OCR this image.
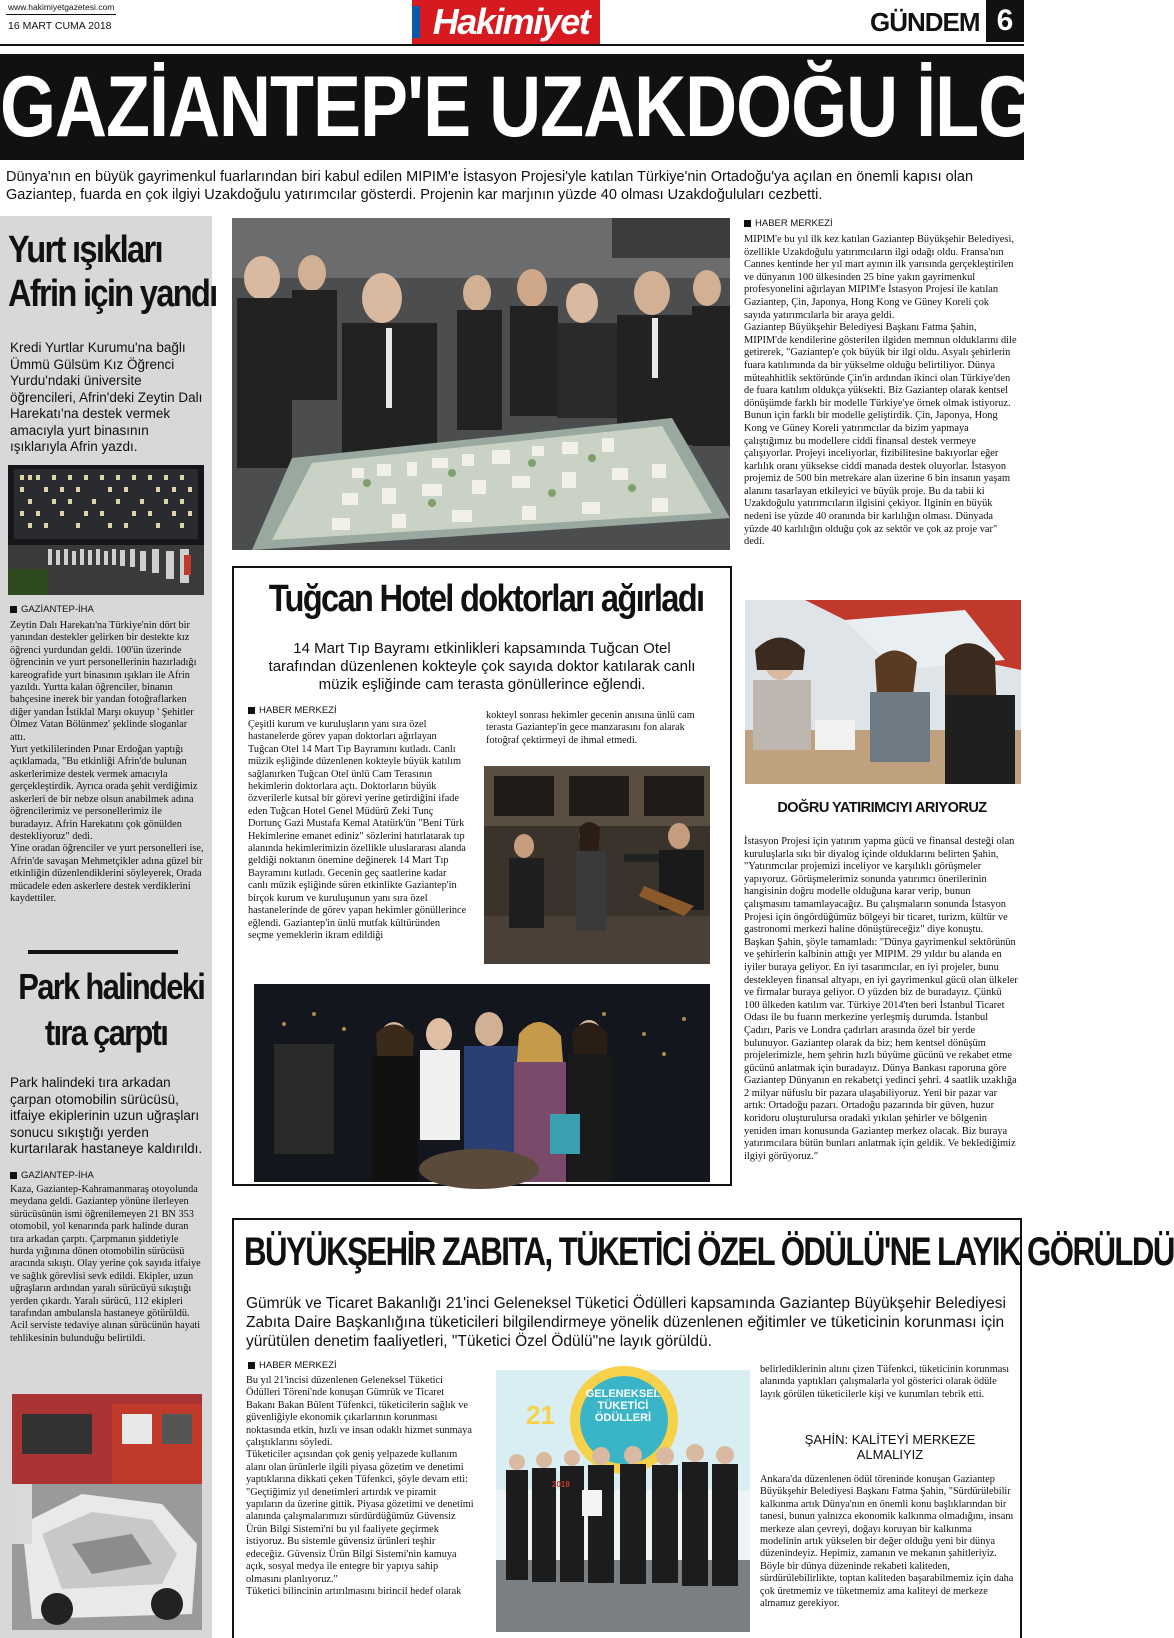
www.hakimiyetgazetesi.com
16 MART CUMA 2018	Hakimiyet	GÜNDEM 6
GAZİANTEP'E UZAKDOĞU İLGİSİ
Dünya'nın en büyük gayrimenkul fuarlarından biri kabul edilen MIPIM'e İstasyon Projesi'yle katılan Türkiye'nin Ortadoğu'ya açılan en önemli kapısı olan Gaziantep, fuarda en çok ilgiyi Uzakdoğulu yatırımcılar gösterdi. Projenin kar marjının yüzde 40 olması Uzakdoğuluları cezbetti.
Yurt ışıkları
Afrin için yandı
Kredi Yurtlar Kurumu'na bağlı Ümmü Gülsüm Kız Öğrenci Yurdu'ndaki üniversite öğrencileri, Afrin'deki Zeytin Dalı Harekatı'na destek vermek amacıyla yurt binasının ışıklarıyla Afrin yazdı.
GAZİANTEP-İHA
Zeytin Dalı Harekatı'na Türkiye'nin dört bir yanından destekler gelirken bir destekte kız öğrenci yurdundan geldi. 100'ün üzerinde öğrencinin ve yurt personellerinin hazırladığı kareografide yurt binasının ışıkları ile Afrin yazıldı. Yurtta kalan öğrenciler, binanın bahçesine inerek bir yandan fotoğraflarken diğer yandan İstiklal Marşı okuyup ' Şehitler Ölmez Vatan Bölünmez' şeklinde sloganlar attı.
Yurt yetkililerinden Pınar Erdoğan yaptığı açıklamada, "Bu etkinliği Afrin'de bulunan askerlerimize destek vermek amacıyla gerçekleştirdik. Ayrıca orada şehit verdiğimiz askerleri de bir nebze olsun anabilmek adına öğrencilerimiz ve personellerimiz ile buradayız. Afrin Harekatını çok gönülden destekliyoruz" dedi.
Yine oradan öğrenciler ve yurt personelleri ise, Afrin'de savaşan Mehmetçikler adına güzel bir etkinliğin düzenlendiklerini söyleyerek, Orada mücadele eden askerlere destek verdiklerini kaydettiler.
Park halindeki
tıra çarptı
Park halindeki tıra arkadan çarpan otomobilin sürücüsü, itfaiye ekiplerinin uzun uğraşları sonucu sıkıştığı yerden kurtarılarak hastaneye kaldırıldı.
GAZİANTEP-İHA
Kaza, Gaziantep-Kahramanmaraş otoyolunda meydana geldi. Gaziantep yönüne ilerleyen sürücüsünün ismi öğrenilemeyen 21 BN 353 otomobil, yol kenarında park halinde duran tıra arkadan çarptı. Çarpmanın şiddetiyle hurda yığınına dönen otomobilin sürücüsü aracında sıkıştı. Olay yerine çok sayıda itfaiye ve sağlık görevlisi sevk edildi. Ekipler, uzun uğraşların ardından yaralı sürücüyü sıkıştığı yerden çıkardı. Yaralı sürücü, 112 ekipleri tarafından ambulansla hastaneye götürüldü. Acil serviste tedaviye alınan sürücünün hayati tehlikesinin bulunduğu belirtildi.
HABER MERKEZİ
MIPIM'e bu yıl ilk kez katılan Gaziantep Büyükşehir Belediyesi, özellikle Uzakdoğulu yatırımcıların ilgi odağı oldu. Fransa'nın Cannes kentinde her yıl mart ayının ilk yarısında gerçekleştirilen ve dünyanın 100 ülkesinden 25 bine yakın gayrimenkul profesyonelini ağırlayan MIPIM'e İstasyon Projesi ile katılan Gaziantep, Çin, Japonya, Hong Kong ve Güney Koreli çok sayıda yatırımcılarla bir araya geldi.
Gaziantep Büyükşehir Belediyesi Başkanı Fatma Şahin, MIPIM'de kendilerine gösterilen ilgiden memnun olduklarını dile getirerek, "Gaziantep'e çok büyük bir ilgi oldu. Asyalı şehirlerin fuara katılımında da bir yükselme olduğu belirtiliyor. Dünya müteahhitlik sektöründe Çin'in ardından ikinci olan Türkiye'den de fuara katılım oldukça yüksekti. Biz Gaziantep olarak kentsel dönüşümde farklı bir modelle Türkiye'ye örnek olmak istiyoruz. Bunun için farklı bir modelle geliştirdik. Çin, Japonya, Hong Kong ve Güney Koreli yatırımcılar da bizim yapmaya çalıştığımız bu modellere ciddi finansal destek vermeye çalışıyorlar. Projeyi inceliyorlar, fizibilitesine bakıyorlar eğer karlılık oranı yüksekse ciddi manada destek oluyorlar. İstasyon projemiz de 500 bin metrekare alan üzerine 6 bin insanın yaşam alanını tasarlayan etkileyici ve büyük proje. Bu da tabii ki Uzakdoğulu yatırımcıların ilgisini çekiyor. İlginin en büyük nedeni ise yüzde 40 oranında bir karlılığın olması. Dünyada yüzde 40 karlılığın olduğu çok az sektör ve çok az proje var" dedi.
DOĞRU YATIRIMCIYI ARIYORUZ
İstasyon Projesi için yatırım yapma gücü ve finansal desteği olan kuruluşlarla sıkı bir diyalog içinde olduklarını belirten Şahin, "Yatırımcılar projemizi inceliyor ve karşılıklı görüşmeler yapıyoruz. Görüşmelerimiz sonunda yatırımcı önerilerinin hangisinin doğru modelle olduğuna karar verip, bunun çalışmasını tamamlayacağız. Bu çalışmaların sonunda İstasyon Projesi için öngördüğümüz bölgeyi bir ticaret, turizm, kültür ve gastronomi merkezi haline dönüştüreceğiz" diye konuştu.
Başkan Şahin, şöyle tamamladı: "Dünya gayrimenkul sektörünün ve şehirlerin kalbinin attığı yer MIPIM. 29 yıldır bu alanda en iyiler buraya geliyor. En iyi tasarımcılar, en iyi projeler, bunu destekleyen finansal altyapı, en iyi gayrimenkul gücü olan ülkeler ve firmalar buraya geliyor. O yüzden biz de buradayız. Çünkü 100 ülkeden katılım var. Türkiye 2014'ten beri İstanbul Ticaret Odası ile bu fuarın merkezine yerleşmiş durumda. İstanbul Çadırı, Paris ve Londra çadırları arasında özel bir yerde bulunuyor. Gaziantep olarak da biz; hem kentsel dönüşüm projelerimizle, hem şehrin hızlı büyüme gücünü ve rekabet etme gücünü anlatmak için buradayız. Dünya Bankası raporuna göre Gaziantep Dünyanın en rekabetçi yedinci şehri. 4 saatlik uzaklığa 2 milyar nüfuslu bir pazara ulaşabiliyoruz. Yeni bir pazar var artık: Ortadoğu pazarı. Ortadoğu pazarında bir güven, huzur koridoru oluşturulursa oradaki yıkılan şehirler ve bölgenin yeniden imarı konusunda Gaziantep merkez olacak. Biz buraya yatırımcılara bütün bunları anlatmak için geldik. Ve beklediğimiz ilgiyi görüyoruz."
Tuğcan Hotel doktorları ağırladı
14 Mart Tıp Bayramı etkinlikleri kapsamında Tuğcan Otel tarafından düzenlenen kokteyle çok sayıda doktor katılarak canlı müzik eşliğinde cam terasta gönüllerince eğlendi.
HABER MERKEZİ
Çeşitli kurum ve kuruluşların yanı sıra özel hastanelerde görev yapan doktorları ağırlayan Tuğcan Otel 14 Mart Tıp Bayramını kutladı. Canlı müzik eşliğinde düzenlenen kokteyle büyük katılım sağlanırken Tuğcan Otel ünlü Cam Terasının hekimlerin doktorlara açtı. Doktorların büyük özverilerle kutsal bir görevi yerine getirdiğini ifade eden Tuğcan Hotel Genel Müdürü Zeki Tunç Dortunç Gazi Mustafa Kemal Atatürk'ün "Beni Türk Hekimlerine emanet ediniz" sözlerini hatırlatarak tıp alanında hekimlerimizin özellikle uluslararası alanda geldiği noktanın önemine değinerek 14 Mart Tıp Bayramını kutladı. Gecenin geç saatlerine kadar canlı müzik eşliğinde süren etkinlikte Gaziantep'in birçok kurum ve kuruluşunun yanı sıra özel hastanelerinde de görev yapan hekimler gönüllerince eğlendi. Gaziantep'in ünlü mutfak kültüründen seçme yemeklerin ikram edildiği
kokteyl sonrası hekimler gecenin anısına ünlü cam terasta Gaziantep'in gece manzarasını fon alarak fotoğraf çektirmeyi de ihmal etmedi.
BÜYÜKŞEHİR ZABITA, TÜKETİCİ ÖZEL ÖDÜLÜ'NE LAYIK GÖRÜLDÜ
Gümrük ve Ticaret Bakanlığı 21'inci Geleneksel Tüketici Ödülleri kapsamında Gaziantep Büyükşehir Belediyesi Zabıta Daire Başkanlığına tüketicileri bilgilendirmeye yönelik düzenlenen eğitimler ve tüketicinin korunması için yürütülen denetim faaliyetleri, "Tüketici Özel Ödülü"ne layık görüldü.
HABER MERKEZİ
Bu yıl 21'incisi düzenlenen Geleneksel Tüketici Ödülleri Töreni'nde konuşan Gümrük ve Ticaret Bakanı Bakan Bülent Tüfenkci, tüketicilerin sağlık ve güvenliğiyle ekonomik çıkarlarının korunması noktasında etkin, hızlı ve insan odaklı hizmet sunmaya çalıştıklarını söyledi.
Tüketiciler açısından çok geniş yelpazede kullanım alanı olan ürünlerle ilgili piyasa gözetim ve denetimi yaptıklarına dikkati çeken Tüfenkci, şöyle devam etti: "Geçtiğimiz yıl denetimleri artırdık ve piramit yapıların da üzerine gittik. Piyasa gözetimi ve denetimi alanında çalışmalarımızı sürdürdüğümüz Güvensiz Ürün Bilgi Sistemi'ni bu yıl faaliyete geçirmek istiyoruz. Bu sistemle güvensiz ürünleri teşhir edeceğiz. Güvensiz Ürün Bilgi Sistemi'nin kamuya açık, sosyal medya ile entegre bir yapıya sahip olmasını planlıyoruz."
Tüketici bilincinin artırılmasını birincil hedef olarak
GELENEKSEL
TÜKETİCİ
ÖDÜLLERİ
21
2018
belirlediklerinin altını çizen Tüfenkci, tüketicinin korunması alanında yaptıkları çalışmalarla yol gösterici olarak ödüle layık görülen tüketicilerle kişi ve kurumları tebrik etti.
ŞAHİN: KALİTEYİ MERKEZE ALMALIYIZ
Ankara'da düzenlenen ödül töreninde konuşan Gaziantep Büyükşehir Belediyesi Başkanı Fatma Şahin, "Sürdürülebilir kalkınma artık Dünya'nın en önemli konu başlıklarından bir tanesi, bunun yalnızca ekonomik kalkınma olmadığını, insanı merkeze alan çevreyi, doğayı koruyan bir kalkınma modelinin artık yükselen bir değer olduğu yeni bir dünya düzenindeyiz. Hepimiz, zamanın ve mekanın şahitleriyiz. Böyle bir dünya düzeninde rekabeti kaliteden, sürdürülebilirlikte, toptan kaliteden başarabilmemiz için daha çok üretmemiz ve tüketmemiz ama kaliteyi de merkeze almamız gerekiyor.
